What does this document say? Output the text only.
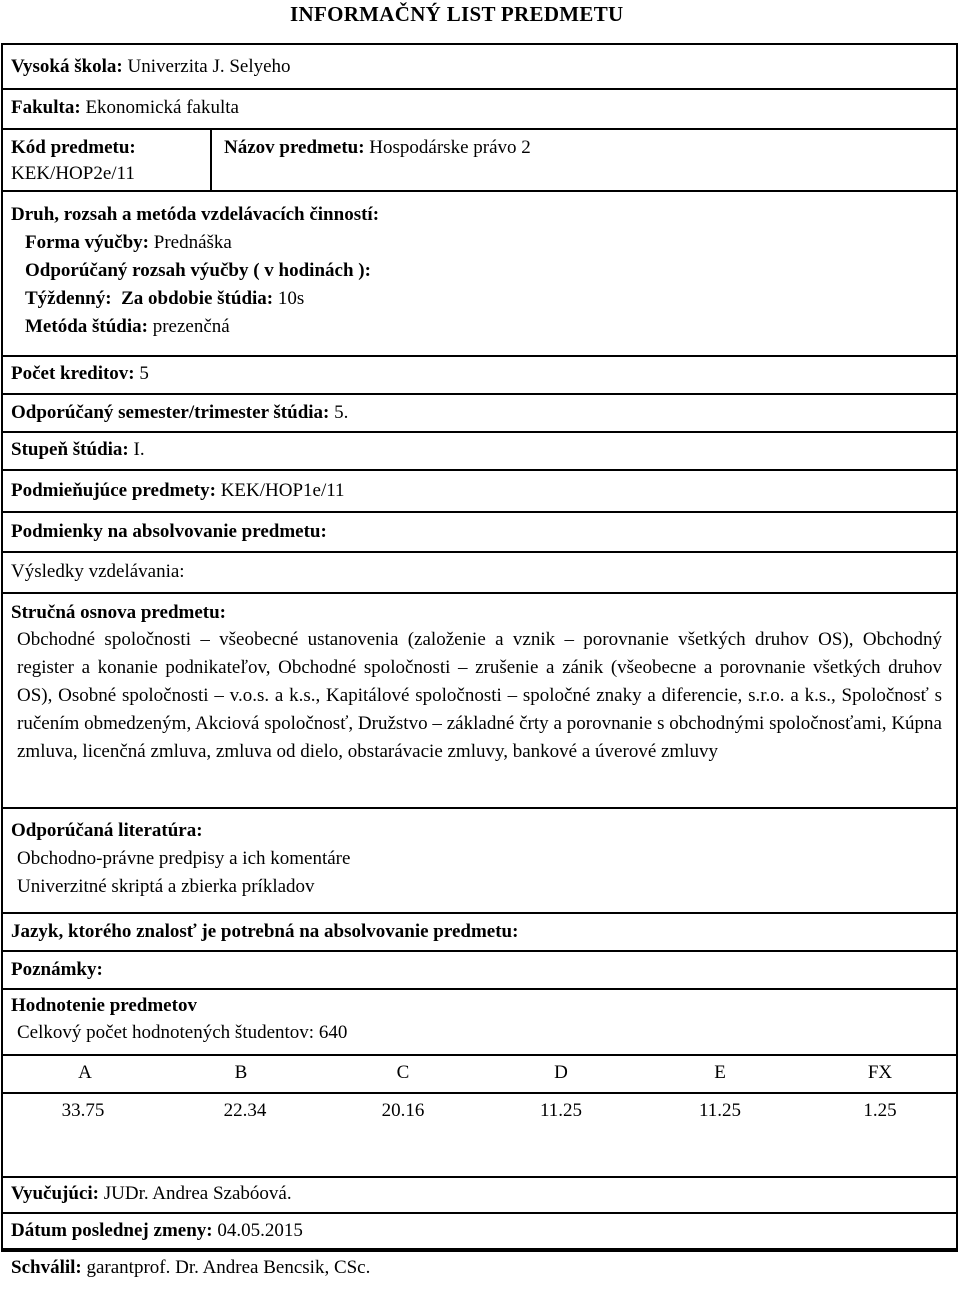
INFORMAČNÝ LIST PREDMETU
Vysoká škola: Univerzita J. Selyeho
Fakulta: Ekonomická fakulta
Kód predmetu:
KEK/HOP2e/11
Názov predmetu: Hospodárske právo 2
Druh, rozsah a metóda vzdelávacích činností:
Forma výučby: Prednáška
Odporúčaný rozsah výučby ( v hodinách ):
Týždenný: Za obdobie štúdia: 10s
Metóda štúdia: prezenčná
Počet kreditov: 5
Odporúčaný semester/trimester štúdia: 5.
Stupeň štúdia: I.
Podmieňujúce predmety: KEK/HOP1e/11
Podmienky na absolvovanie predmetu:
Výsledky vzdelávania:
Stručná osnova predmetu:
Obchodné spoločnosti – všeobecné ustanovenia (založenie a vznik – porovnanie všetkých druhov OS), Obchodný register a konanie podnikateľov, Obchodné spoločnosti – zrušenie a zánik (všeobecne a porovnanie všetkých druhov OS), Osobné spoločnosti – v.o.s. a k.s., Kapitálové spoločnosti – spoločné znaky a diferencie, s.r.o. a k.s., Spoločnosť s ručením obmedzeným, Akciová spoločnosť, Družstvo – základné črty a porovnanie s obchodnými spoločnosťami, Kúpna zmluva, licenčná zmluva, zmluva od dielo, obstarávacie zmluvy, bankové a úverové zmluvy
Odporúčaná literatúra:
Obchodno-právne predpisy a ich komentáre
Univerzitné skriptá a zbierka príkladov
Jazyk, ktorého znalosť je potrebná na absolvovanie predmetu:
Poznámky:
Hodnotenie predmetov
Celkový počet hodnotených študentov: 640
A	B	C	D	E	FX
33.75	22.34	20.16	11.25	11.25	1.25
Vyučujúci: JUDr. Andrea Szabóová.
Dátum poslednej zmeny: 04.05.2015
Schválil: garantprof. Dr. Andrea Bencsik, CSc.
